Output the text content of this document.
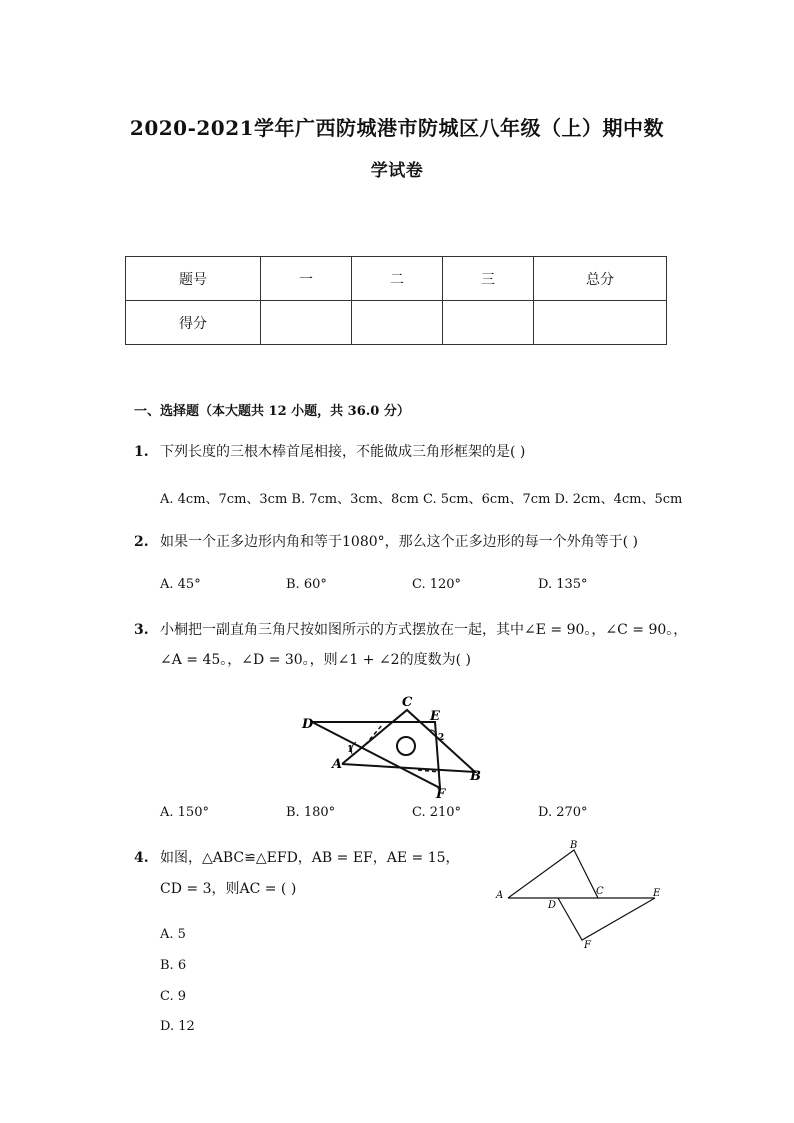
2020-2021学年广西防城港市防城区八年级（上）期中数
学试卷
题号	一	二	三	总分
得分				
一、选择题（本大题共 12 小题，共 36.0 分）
1. 下列长度的三根木棒首尾相接，不能做成三角形框架的是( )
A. 4cm、7cm、3cm B. 7cm、3cm、8cm C. 5cm、6cm、7cm D. 2cm、4cm、5cm
2. 如果一个正多边形内角和等于1080°，那么这个正多边形的每一个外角等于( )
A. 45°	B. 60°	C. 120°	D. 135°
3. 小桐把一副直角三角尺按如图所示的方式摆放在一起，其中∠E = 90。，∠C = 90。，
∠A = 45。，∠D = 30。，则∠1 + ∠2的度数为( )
D
C
E
A
B
F
1
2
A. 150°	B. 180°	C. 210°	D. 270°
4. 如图，△ABC≌△EFD，AB = EF，AE = 15，
CD = 3，则AC = ( )	A
B
C
D
E
F
A. 5
B. 6
C. 9
D. 12
